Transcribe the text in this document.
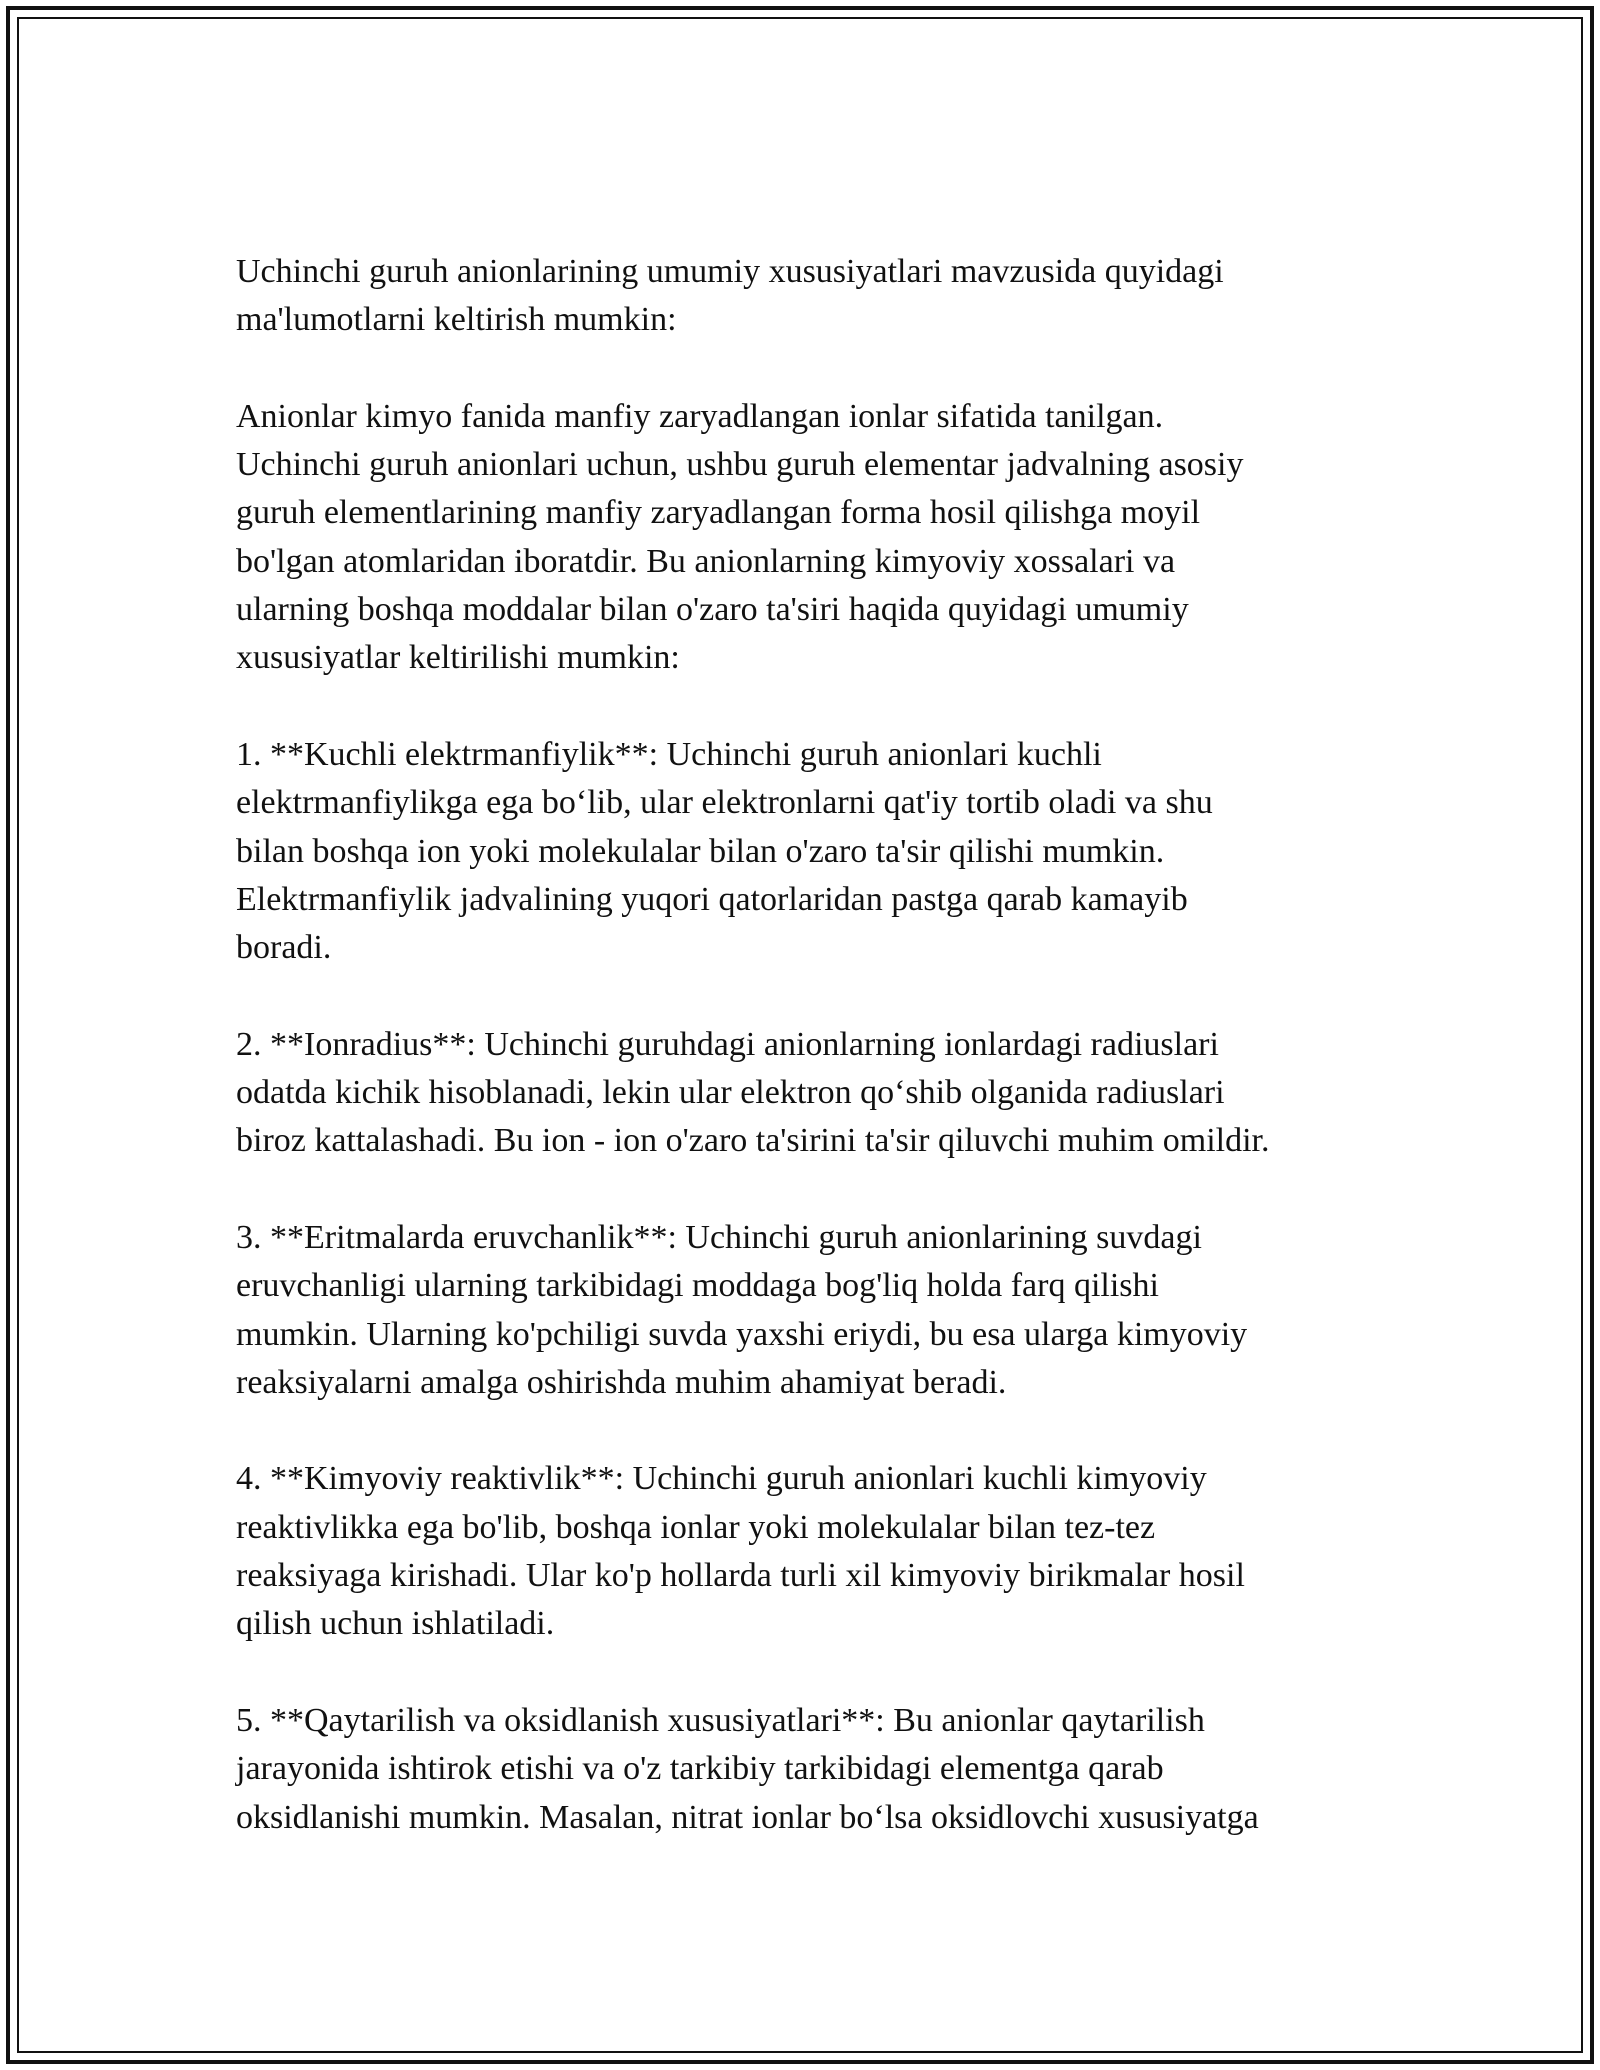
Uchinchi guruh anionlarining umumiy xususiyatlari mavzusida quyidagi
ma'lumotlarni keltirish mumkin:

Anionlar kimyo fanida manfiy zaryadlangan ionlar sifatida tanilgan.
Uchinchi guruh anionlari uchun, ushbu guruh elementar jadvalning asosiy
guruh elementlarining manfiy zaryadlangan forma hosil qilishga moyil
bo'lgan atomlaridan iboratdir. Bu anionlarning kimyoviy xossalari va
ularning boshqa moddalar bilan o'zaro ta'siri haqida quyidagi umumiy
xususiyatlar keltirilishi mumkin:

1. **Kuchli elektrmanfiylik**: Uchinchi guruh anionlari kuchli
elektrmanfiylikga ega bo‘lib, ular elektronlarni qat'iy tortib oladi va shu
bilan boshqa ion yoki molekulalar bilan o'zaro ta'sir qilishi mumkin.
Elektrmanfiylik jadvalining yuqori qatorlaridan pastga qarab kamayib
boradi.

2. **Ionradius**: Uchinchi guruhdagi anionlarning ionlardagi radiuslari
odatda kichik hisoblanadi, lekin ular elektron qo‘shib olganida radiuslari
biroz kattalashadi. Bu ion - ion o'zaro ta'sirini ta'sir qiluvchi muhim omildir.

3. **Eritmalarda eruvchanlik**: Uchinchi guruh anionlarining suvdagi
eruvchanligi ularning tarkibidagi moddaga bog'liq holda farq qilishi
mumkin. Ularning ko'pchiligi suvda yaxshi eriydi, bu esa ularga kimyoviy
reaksiyalarni amalga oshirishda muhim ahamiyat beradi.

4. **Kimyoviy reaktivlik**: Uchinchi guruh anionlari kuchli kimyoviy
reaktivlikka ega bo'lib, boshqa ionlar yoki molekulalar bilan tez-tez
reaksiyaga kirishadi. Ular ko'p hollarda turli xil kimyoviy birikmalar hosil
qilish uchun ishlatiladi.

5. **Qaytarilish va oksidlanish xususiyatlari**: Bu anionlar qaytarilish
jarayonida ishtirok etishi va o'z tarkibiy tarkibidagi elementga qarab
oksidlanishi mumkin. Masalan, nitrat ionlar bo‘lsa oksidlovchi xususiyatga
